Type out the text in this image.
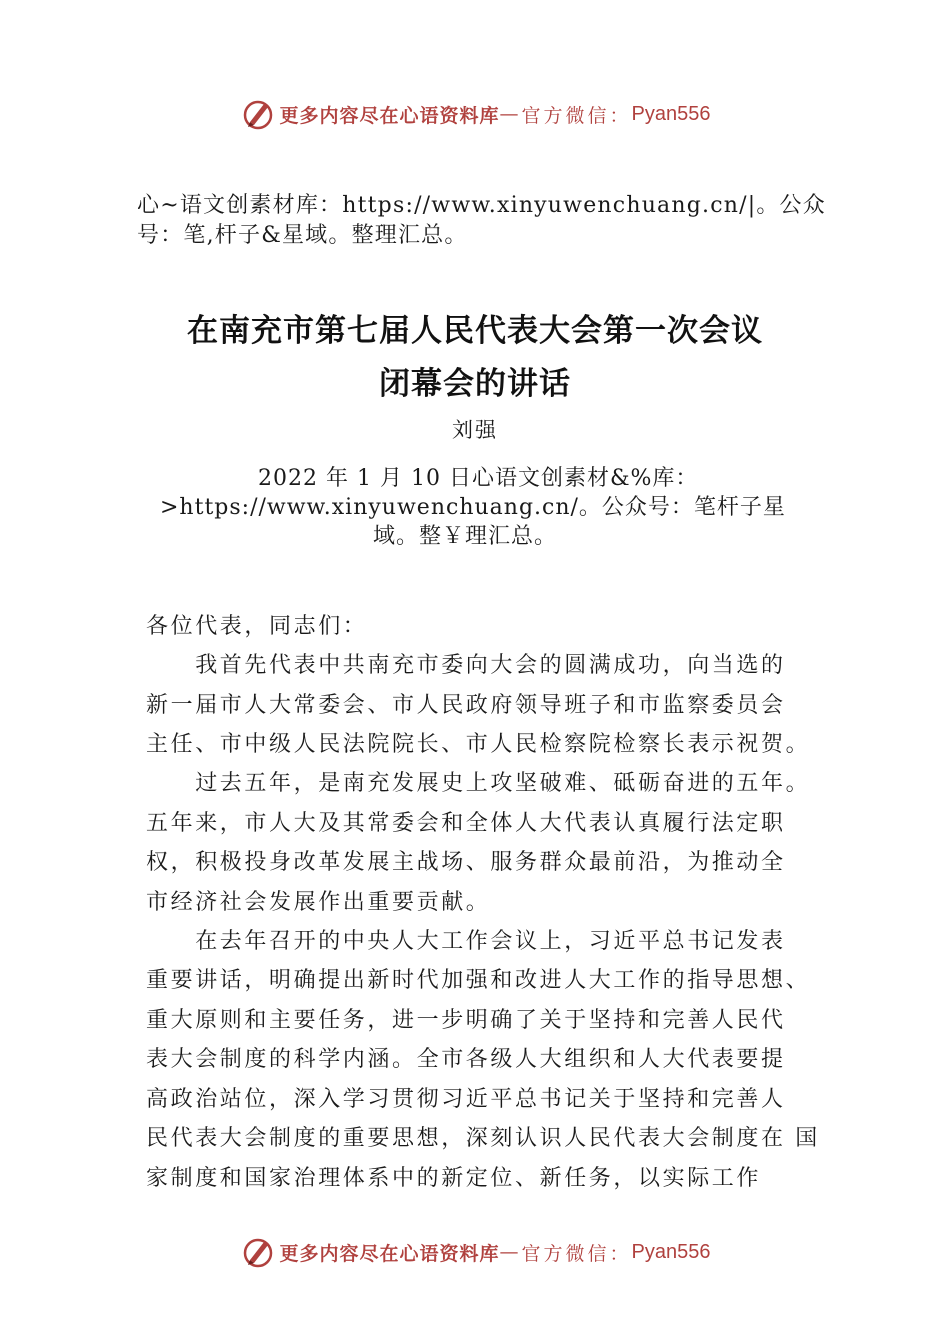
更多内容尽在心语资料库 — 官方微信： Pyan556
心~语文创素材库：https://www.xinyuwenchuang.cn/|。公众
号：笔,杆子&星域。整理汇总。
在南充市第七届人民代表大会第一次会议
闭幕会的讲话
刘强
2022 年 1 月 10 日心语文创素材&%库：
>https://www.xinyuwenchuang.cn/。公众号：笔杆子星
域。整￥理汇总。
各位代表，同志们：
　　我首先代表中共南充市委向大会的圆满成功，向当选的
新一届市人大常委会、市人民政府领导班子和市监察委员会
主任、市中级人民法院院长、市人民检察院检察长表示祝贺。
　　过去五年，是南充发展史上攻坚破难、砥砺奋进的五年。
五年来，市人大及其常委会和全体人大代表认真履行法定职
权，积极投身改革发展主战场、服务群众最前沿，为推动全
市经济社会发展作出重要贡献。
　　在去年召开的中央人大工作会议上，习近平总书记发表
重要讲话，明确提出新时代加强和改进人大工作的指导思想、
重大原则和主要任务，进一步明确了关于坚持和完善人民代
表大会制度的科学内涵。全市各级人大组织和人大代表要提
高政治站位，深入学习贯彻习近平总书记关于坚持和完善人
民代表大会制度的重要思想，深刻认识人民代表大会制度在 国
家制度和国家治理体系中的新定位、新任务，以实际工作
更多内容尽在心语资料库 — 官方微信： Pyan556
